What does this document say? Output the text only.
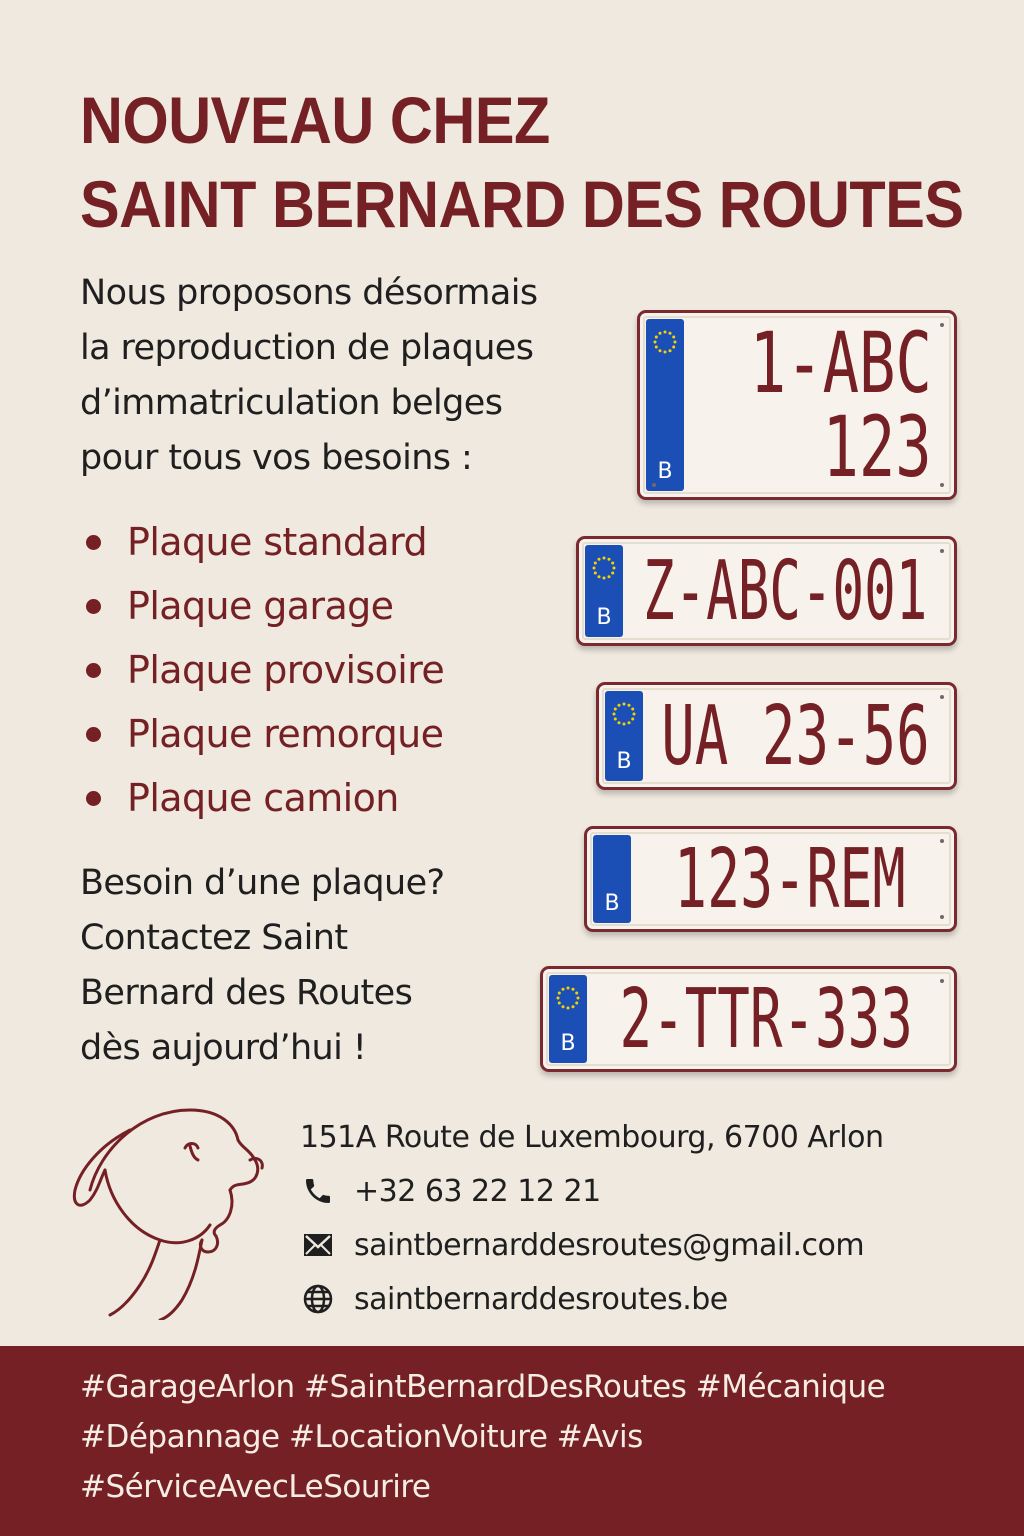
NOUVEAU CHEZ
SAINT BERNARD DES ROUTES

Nous proposons désormais
la reproduction de plaques
d’immatriculation belges
pour tous vos besoins :

Plaque standard
Plaque garage
Plaque provisoire
Plaque remorque
Plaque camion

Besoin d’une plaque?
Contactez Saint
Bernard des Routes
dès aujourd’hui !

B
1-ABC
123
B Z-ABC-001
B UA 23-56
B 123-REM
B 2-TTR-333
151A Route de Luxembourg, 6700 Arlon
+32 63 22 12 21
saintbernarddesroutes@gmail.com
saintbernarddesroutes.be

#GarageArlon #SaintBernardDesRoutes #Mécanique
#Dépannage #LocationVoiture #Avis
#SérviceAvecLeSourire
